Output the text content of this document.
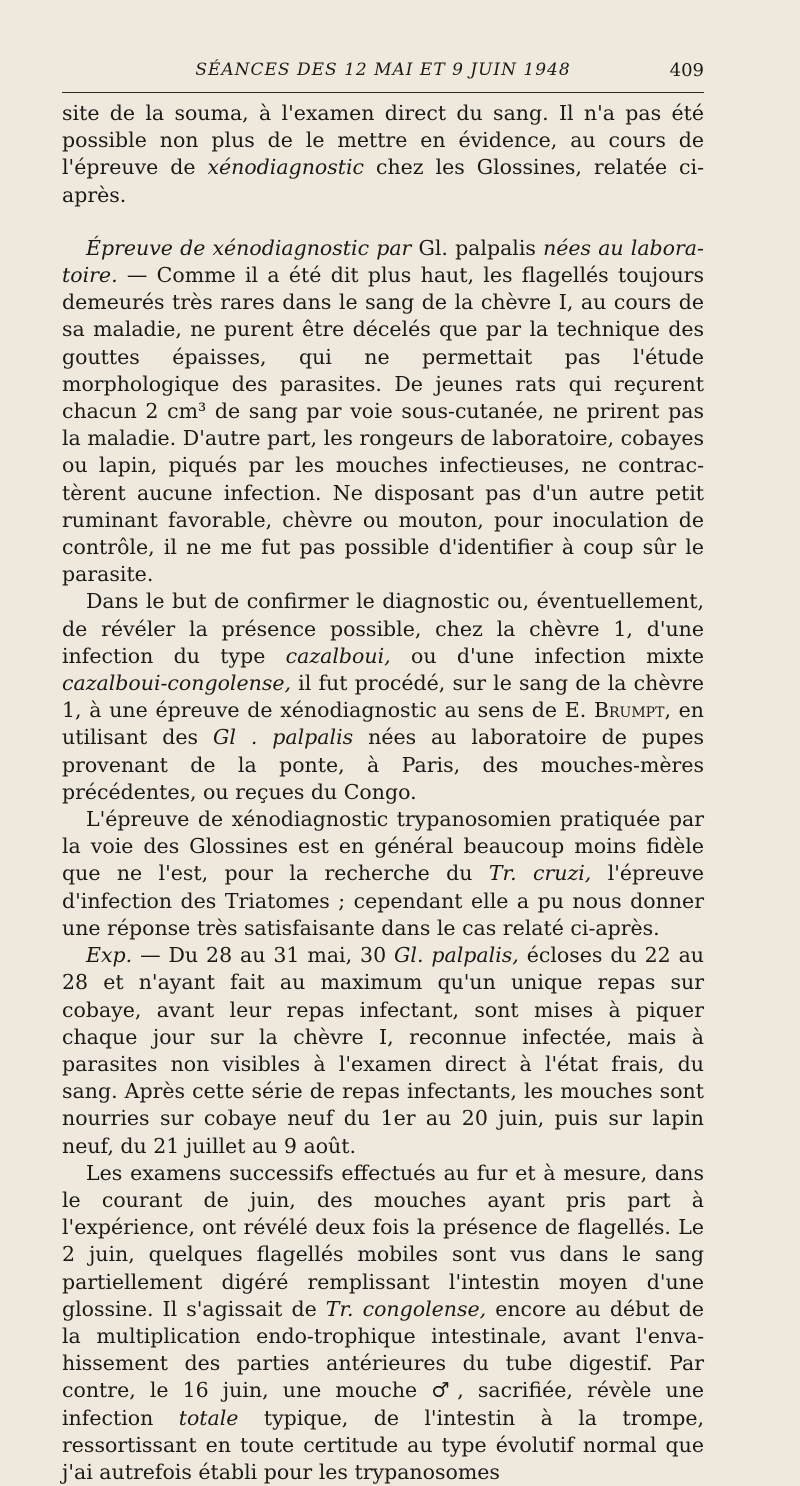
SÉANCES DES 12 MAI ET 9 JUIN 1948	409

site de la souma, à l'examen direct du sang. Il n'a pas été possible non plus de le mettre en évidence, au cours de l'épreuve de xénodiagnostic chez les Glossines, relatée ci-après.

Épreuve de xénodiagnostic par Gl. palpalis nées au laboratoire. — Comme il a été dit plus haut, les flagellés toujours demeurés très rares dans le sang de la chèvre I, au cours de sa maladie, ne purent être décelés que par la technique des gouttes épaisses, qui ne permettait pas l'étude morphologique des parasites. De jeunes rats qui reçurent chacun 2 cm³ de sang par voie sous-cutanée, ne prirent pas la maladie. D'autre part, les rongeurs de laboratoire, cobayes ou lapin, piqués par les mouches infectieuses, ne contractèrent aucune infection. Ne disposant pas d'un autre petit ruminant favorable, chèvre ou mouton, pour inoculation de contrôle, il ne me fut pas possible d'identifier à coup sûr le parasite.

Dans le but de confirmer le diagnostic ou, éventuellement, de révéler la présence possible, chez la chèvre 1, d'une infection du type cazalboui, ou d'une infection mixte cazalboui-congolense, il fut procédé, sur le sang de la chèvre 1, à une épreuve de xénodiagnostic au sens de E. Brumpt, en utilisant des Gl . palpalis nées au laboratoire de pupes provenant de la ponte, à Paris, des mouches-mères précédentes, ou reçues du Congo.

L'épreuve de xénodiagnostic trypanosomien pratiquée par la voie des Glossines est en général beaucoup moins fidèle que ne l'est, pour la recherche du Tr. cruzi, l'épreuve d'infection des Triatomes ; cependant elle a pu nous donner une réponse très satisfaisante dans le cas relaté ci-après.

Exp. — Du 28 au 31 mai, 30 Gl. palpalis, écloses du 22 au 28 et n'ayant fait au maximum qu'un unique repas sur cobaye, avant leur repas infectant, sont mises à piquer chaque jour sur la chèvre I, reconnue infectée, mais à parasites non visibles à l'examen direct à l'état frais, du sang. Après cette série de repas infectants, les mouches sont nourries sur cobaye neuf du 1er au 20 juin, puis sur lapin neuf, du 21 juillet au 9 août.

Les examens successifs effectués au fur et à mesure, dans le courant de juin, des mouches ayant pris part à l'expérience, ont révélé deux fois la présence de flagellés. Le 2 juin, quelques flagellés mobiles sont vus dans le sang partiellement digéré remplissant l'intestin moyen d'une glossine. Il s'agissait de Tr. congolense, encore au début de la multiplication endo-trophique intestinale, avant l'envahissement des parties antérieures du tube digestif. Par contre, le 16 juin, une mouche ♂, sacrifiée, révèle une infection totale typique, de l'intestin à la trompe, ressortissant en toute certitude au type évolutif normal que j'ai autrefois établi pour les trypanosomes
